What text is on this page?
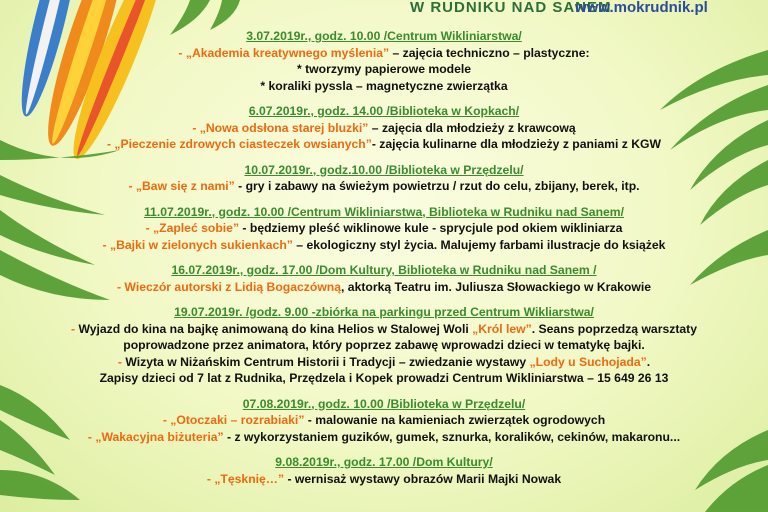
W RUDNIKU NAD SANEM
www.mokrudnik.pl
3.07.2019r., godz. 10.00 /Centrum Wikliniarstwa/
- „Akademia kreatywnego myślenia” – zajęcia techniczno – plastyczne:
* tworzymy papierowe modele
* koraliki pyssla – magnetyczne zwierzątka
6.07.2019r., godz. 14.00 /Biblioteka w Kopkach/
- „Nowa odsłona starej bluzki” – zajęcia dla młodzieży z krawcową
- „Pieczenie zdrowych ciasteczek owsianych”- zajęcia kulinarne dla młodzieży z paniami z KGW
10.07.2019r., godz.10.00 /Biblioteka w Przędzelu/
- „Baw się z nami” - gry i zabawy na świeżym powietrzu / rzut do celu, zbijany, berek, itp.
11.07.2019r., godz. 10.00 /Centrum Wikliniarstwa, Biblioteka w Rudniku nad Sanem/
- „Zapleć sobie” - będziemy pleść wiklinowe kule - sprycjule pod okiem wikliniarza
- „Bajki w zielonych sukienkach” – ekologiczny styl życia. Malujemy farbami ilustracje do książek
16.07.2019r., godz. 17.00 /Dom Kultury, Biblioteka w Rudniku nad Sanem /
- Wieczór autorski z Lidią Bogaczówną, aktorką Teatru im. Juliusza Słowackiego w Krakowie
19.07.2019r. /godz. 9.00 -zbiórka na parkingu przed Centrum Wikliarstwa/
- Wyjazd do kina na bajkę animowaną do kina Helios w Stalowej Woli „Król lew”. Seans poprzedzą warsztaty
poprowadzone przez animatora, który poprzez zabawę wprowadzi dzieci w tematykę bajki.
- Wizyta w Niżańskim Centrum Historii i Tradycji – zwiedzanie wystawy „Lody u Suchojada”.
Zapisy dzieci od 7 lat z Rudnika, Przędzela i Kopek prowadzi Centrum Wikliniarstwa – 15 649 26 13
07.08.2019r., godz. 10.00 /Biblioteka w Przędzelu/
- „Otoczaki – rozrabiaki” - malowanie na kamieniach zwierzątek ogrodowych
- „Wakacyjna biżuteria” - z wykorzystaniem guzików, gumek, sznurka, koralików, cekinów, makaronu...
9.08.2019r., godz. 17.00 /Dom Kultury/
- „Tęsknię…” - wernisaż wystawy obrazów Marii Majki Nowak
